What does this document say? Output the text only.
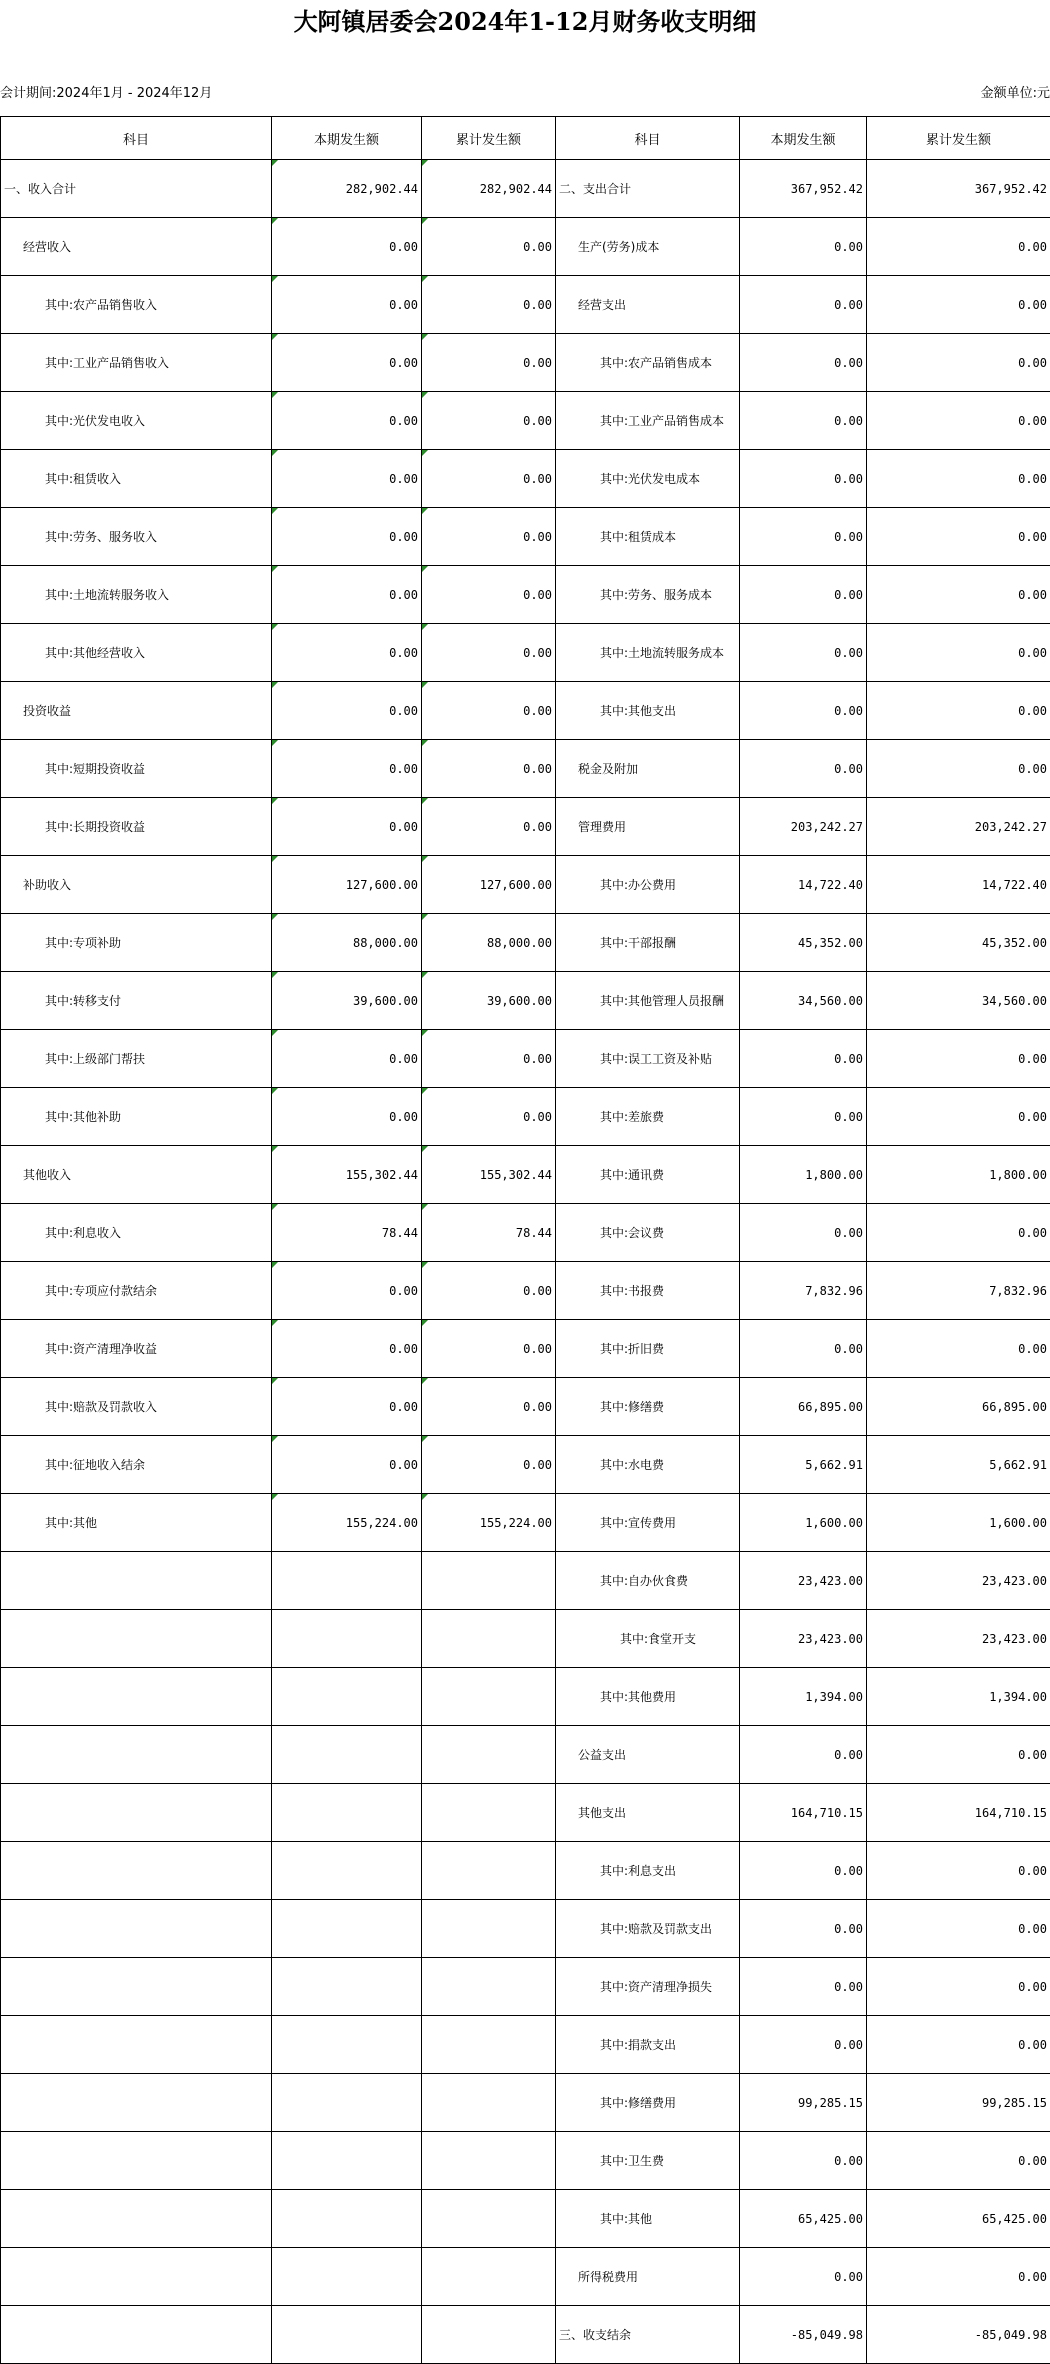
大阿镇居委会2024年1-12月财务收支明细
会计期间:2024年1月 - 2024年12月	金额单位:元
科目	本期发生额	累计发生额	科目	本期发生额	累计发生额
一、收入合计	282,902.44	282,902.44	二、支出合计	367,952.42	367,952.42
经营收入	0.00	0.00	生产(劳务)成本	0.00	0.00
其中:农产品销售收入	0.00	0.00	经营支出	0.00	0.00
其中:工业产品销售收入	0.00	0.00	其中:农产品销售成本	0.00	0.00
其中:光伏发电收入	0.00	0.00	其中:工业产品销售成本	0.00	0.00
其中:租赁收入	0.00	0.00	其中:光伏发电成本	0.00	0.00
其中:劳务、服务收入	0.00	0.00	其中:租赁成本	0.00	0.00
其中:土地流转服务收入	0.00	0.00	其中:劳务、服务成本	0.00	0.00
其中:其他经营收入	0.00	0.00	其中:土地流转服务成本	0.00	0.00
投资收益	0.00	0.00	其中:其他支出	0.00	0.00
其中:短期投资收益	0.00	0.00	税金及附加	0.00	0.00
其中:长期投资收益	0.00	0.00	管理费用	203,242.27	203,242.27
补助收入	127,600.00	127,600.00	其中:办公费用	14,722.40	14,722.40
其中:专项补助	88,000.00	88,000.00	其中:干部报酬	45,352.00	45,352.00
其中:转移支付	39,600.00	39,600.00	其中:其他管理人员报酬	34,560.00	34,560.00
其中:上级部门帮扶	0.00	0.00	其中:误工工资及补贴	0.00	0.00
其中:其他补助	0.00	0.00	其中:差旅费	0.00	0.00
其他收入	155,302.44	155,302.44	其中:通讯费	1,800.00	1,800.00
其中:利息收入	78.44	78.44	其中:会议费	0.00	0.00
其中:专项应付款结余	0.00	0.00	其中:书报费	7,832.96	7,832.96
其中:资产清理净收益	0.00	0.00	其中:折旧费	0.00	0.00
其中:赔款及罚款收入	0.00	0.00	其中:修缮费	66,895.00	66,895.00
其中:征地收入结余	0.00	0.00	其中:水电费	5,662.91	5,662.91
其中:其他	155,224.00	155,224.00	其中:宣传费用	1,600.00	1,600.00
			其中:自办伙食费	23,423.00	23,423.00
			其中:食堂开支	23,423.00	23,423.00
			其中:其他费用	1,394.00	1,394.00
			公益支出	0.00	0.00
			其他支出	164,710.15	164,710.15
			其中:利息支出	0.00	0.00
			其中:赔款及罚款支出	0.00	0.00
			其中:资产清理净损失	0.00	0.00
			其中:捐款支出	0.00	0.00
			其中:修缮费用	99,285.15	99,285.15
			其中:卫生费	0.00	0.00
			其中:其他	65,425.00	65,425.00
			所得税费用	0.00	0.00
			三、收支结余	-85,049.98	-85,049.98
